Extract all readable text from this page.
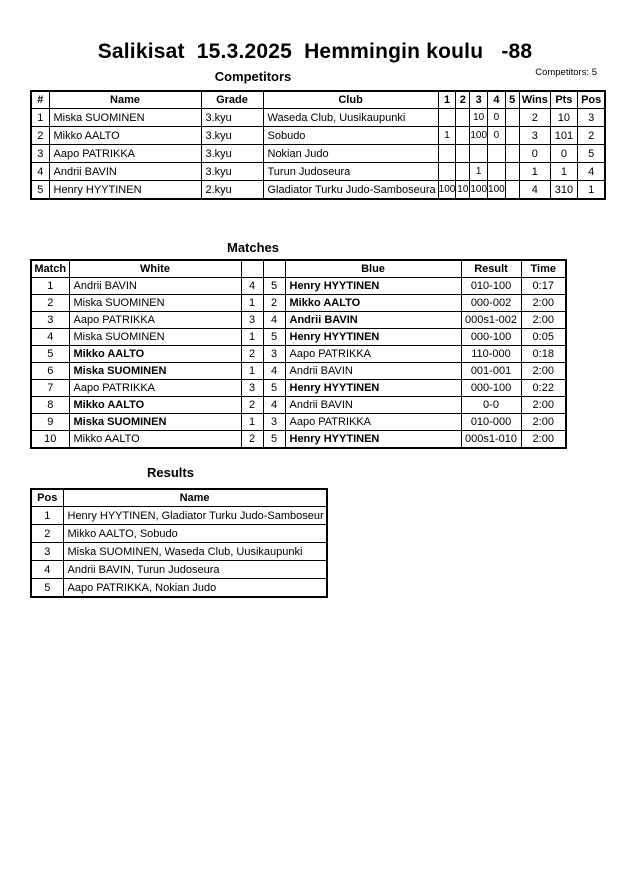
Salikisat  15.3.2025  Hemmingin koulu   -88
Competitors: 5
Competitors
#	Name	Grade	Club	1	2	3	4	5	Wins	Pts	Pos
1	Miska SUOMINEN	3.kyu	Waseda Club, Uusikaupunki			10	0		2	10	3
2	Mikko AALTO	3.kyu	Sobudo	1		100	0		3	101	2
3	Aapo PATRIKKA	3.kyu	Nokian Judo						0	0	5
4	Andrii BAVIN	3.kyu	Turun Judoseura			1			1	1	4
5	Henry HYYTINEN	2.kyu	Gladiator Turku Judo-Samboseura	100	10	100	100		4	310	1
Matches
Match	White			Blue	Result	Time
1	Andrii BAVIN	4	5	Henry HYYTINEN	010-100	0:17
2	Miska SUOMINEN	1	2	Mikko AALTO	000-002	2:00
3	Aapo PATRIKKA	3	4	Andrii BAVIN	000s1-002	2:00
4	Miska SUOMINEN	1	5	Henry HYYTINEN	000-100	0:05
5	Mikko AALTO	2	3	Aapo PATRIKKA	110-000	0:18
6	Miska SUOMINEN	1	4	Andrii BAVIN	001-001	2:00
7	Aapo PATRIKKA	3	5	Henry HYYTINEN	000-100	0:22
8	Mikko AALTO	2	4	Andrii BAVIN	0-0	2:00
9	Miska SUOMINEN	1	3	Aapo PATRIKKA	010-000	2:00
10	Mikko AALTO	2	5	Henry HYYTINEN	000s1-010	2:00
Results
Pos	Name
1	Henry HYYTINEN, Gladiator Turku Judo-Samboseur
2	Mikko AALTO, Sobudo
3	Miska SUOMINEN, Waseda Club, Uusikaupunki
4	Andrii BAVIN, Turun Judoseura
5	Aapo PATRIKKA, Nokian Judo
